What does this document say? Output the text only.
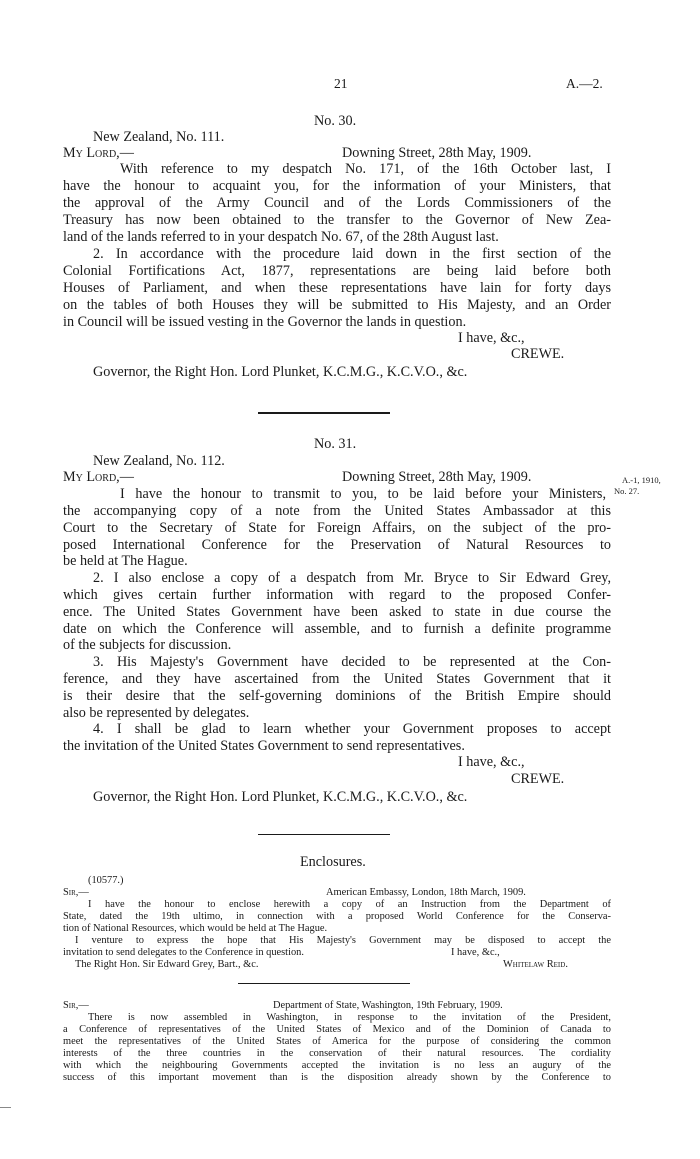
21	A.—2.
No. 30.
New Zealand, No. 111.
My Lord,—	Downing Street, 28th May, 1909.
With reference to my despatch No. 171, of the 16th October last, I
have the honour to acquaint you, for the information of your Ministers, that
the approval of the Army Council and of the Lords Commissioners of the
Treasury has now been obtained to the transfer to the Governor of New Zea-
land of the lands referred to in your despatch No. 67, of the 28th August last.
2. In accordance with the procedure laid down in the first section of the
Colonial Fortifications Act, 1877, representations are being laid before both
Houses of Parliament, and when these representations have lain for forty days
on the tables of both Houses they will be submitted to His Majesty, and an Order
in Council will be issued vesting in the Governor the lands in question.
I have, &c.,
CREWE.
Governor, the Right Hon. Lord Plunket, K.C.M.G., K.C.V.O., &c.
No. 31.
New Zealand, No. 112.
My Lord,—	Downing Street, 28th May, 1909.	A.-1, 1910,
No. 27.
I have the honour to transmit to you, to be laid before your Ministers,
the accompanying copy of a note from the United States Ambassador at this
Court to the Secretary of State for Foreign Affairs, on the subject of the pro-
posed International Conference for the Preservation of Natural Resources to
be held at The Hague.
2. I also enclose a copy of a despatch from Mr. Bryce to Sir Edward Grey,
which gives certain further information with regard to the proposed Confer-
ence. The United States Government have been asked to state in due course the
date on which the Conference will assemble, and to furnish a definite programme
of the subjects for discussion.
3. His Majesty's Government have decided to be represented at the Con-
ference, and they have ascertained from the United States Government that it
is their desire that the self-governing dominions of the British Empire should
also be represented by delegates.
4. I shall be glad to learn whether your Government proposes to accept
the invitation of the United States Government to send representatives.
I have, &c.,
CREWE.
Governor, the Right Hon. Lord Plunket, K.C.M.G., K.C.V.O., &c.
Enclosures.
(10577.)
Sir,—	American Embassy, London, 18th March, 1909.
I have the honour to enclose herewith a copy of an Instruction from the Department of
State, dated the 19th ultimo, in connection with a proposed World Conference for the Conserva-
tion of National Resources, which would be held at The Hague.
I venture to express the hope that His Majesty's Government may be disposed to accept the
invitation to send delegates to the Conference in question.	I have, &c.,
The Right Hon. Sir Edward Grey, Bart., &c.	Whitelaw Reid.
Sir,—	Department of State, Washington, 19th February, 1909.
There is now assembled in Washington, in response to the invitation of the President,
a Conference of representatives of the United States of Mexico and of the Dominion of Canada to
meet the representatives of the United States of America for the purpose of considering the common
interests of the three countries in the conservation of their natural resources. The cordiality
with which the neighbouring Governments accepted the invitation is no less an augury of the
success of this important movement than is the disposition already shown by the Conference to
